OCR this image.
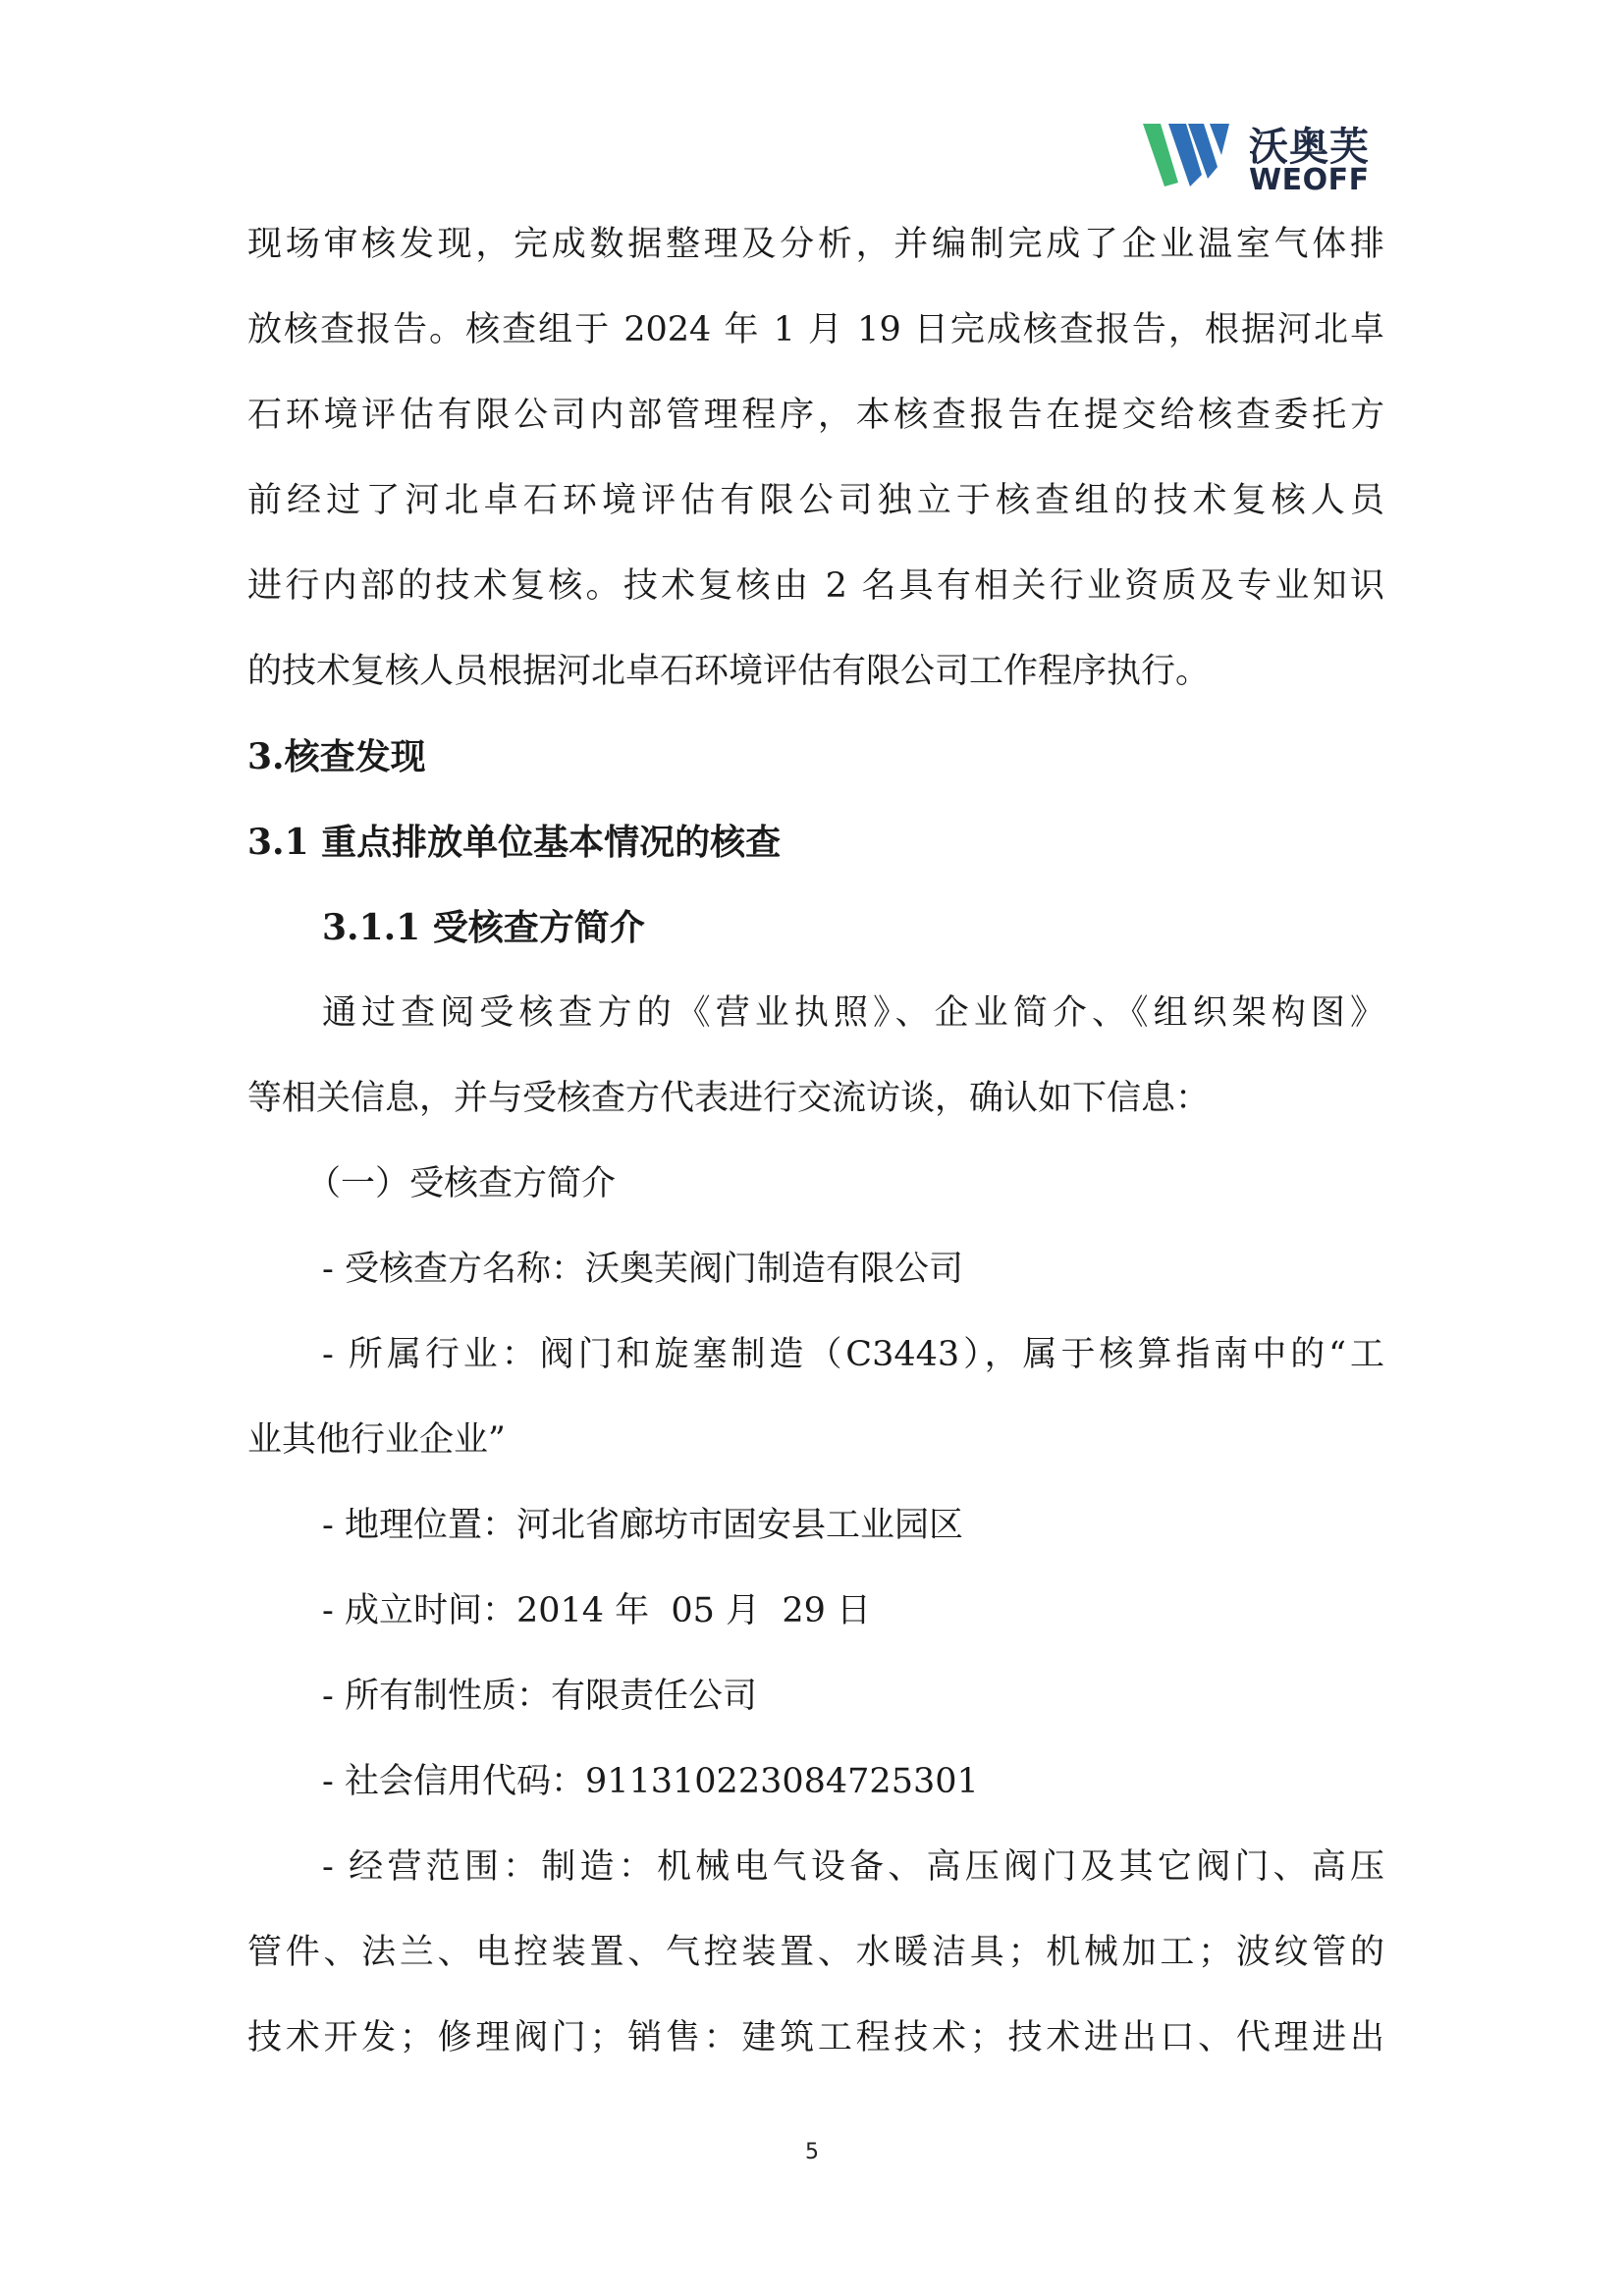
沃奥芙
WEOFF
现场审核发现，完成数据整理及分析，并编制完成了企业温室气体排
放核查报告。核查组于 2024 年 1 月 19 日完成核查报告，根据河北卓
石环境评估有限公司内部管理程序，本核查报告在提交给核查委托方
前经过了河北卓石环境评估有限公司独立于核查组的技术复核人员
进行内部的技术复核。技术复核由 2 名具有相关行业资质及专业知识
的技术复核人员根据河北卓石环境评估有限公司工作程序执行。
3.核查发现
3.1 重点排放单位基本情况的核查
3.1.1 受核查方简介
通过查阅受核查方的《营业执照》、企业简介、《组织架构图》
等相关信息，并与受核查方代表进行交流访谈，确认如下信息：
（一）受核查方简介
- 受核查方名称：沃奥芙阀门制造有限公司
- 所属行业：阀门和旋塞制造（C3443），属于核算指南中的“工
业其他行业企业”
- 地理位置：河北省廊坊市固安县工业园区
- 成立时间：2014 年  05 月  29 日
- 所有制性质：有限责任公司
- 社会信用代码：911310223084725301
- 经营范围：制造：机械电气设备、高压阀门及其它阀门、高压
管件、法兰、电控装置、气控装置、水暖洁具；机械加工；波纹管的
技术开发；修理阀门；销售：建筑工程技术；技术进出口、代理进出
5
